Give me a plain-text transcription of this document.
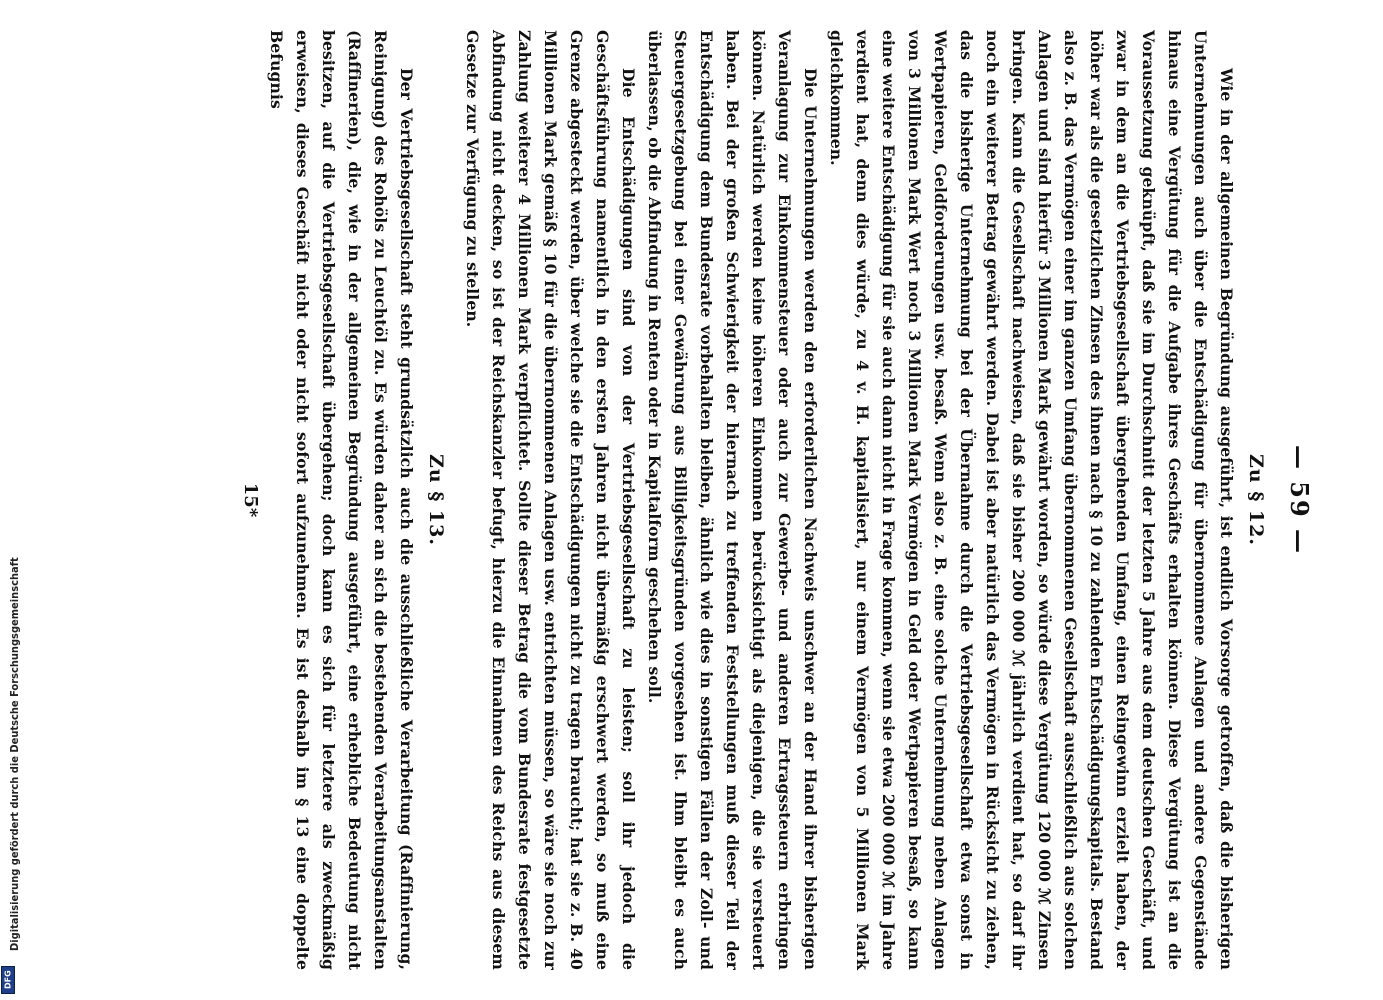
Digitalisierung gefördert durch die Deutsche Forschungsgemeinschaft
DFG
— 59 —
Zu § 12.

Wie in der allgemeinen Begründung ausgeführt, ist endlich Vorsorge getroffen, daß die bisherigen Unternehmungen auch über die Entschädigung für übernommene Anlagen und andere Gegenstände hinaus eine Vergütung für die Aufgabe ihres Geschäfts erhalten können. Diese Vergütung ist an die Voraussetzung geknüpft, daß sie im Durchschnitt der letzten 5 Jahre aus dem deutschen Geschäft, und zwar in dem an die Vertriebsgesellschaft übergehenden Umfang, einen Reingewinn erzielt haben, der höher war als die gesetzlichen Zinsen des ihnen nach § 10 zu zahlenden Entschädigungskapitals. Bestand also z. B. das Vermögen einer im ganzen Umfang übernommenen Gesellschaft ausschließlich aus solchen Anlagen und sind hierfür 3 Millionen Mark gewährt worden, so würde diese Vergütung 120 000 ℳ Zinsen bringen. Kann die Gesellschaft nachweisen, daß sie bisher 200 000 ℳ jährlich verdient hat, so darf ihr noch ein weiterer Betrag gewährt werden. Dabei ist aber natürlich das Vermögen in Rücksicht zu ziehen, das die bisherige Unternehmung bei der Übernahme durch die Vertriebsgesellschaft etwa sonst in Wertpapieren, Geldforderungen usw. besaß. Wenn also z. B. eine solche Unternehmung neben Anlagen von 3 Millionen Mark Wert noch 3 Millionen Mark Vermögen in Geld oder Wertpapieren besaß, so kann eine weitere Entschädigung für sie auch dann nicht in Frage kommen, wenn sie etwa 200 000 ℳ im Jahre verdient hat, denn dies würde, zu 4 v. H. kapitalisiert, nur einem Vermögen von 5 Millionen Mark gleichkommen.

Die Unternehmungen werden den erforderlichen Nachweis unschwer an der Hand ihrer bisherigen Veranlagung zur Einkommensteuer oder auch zur Gewerbe- und anderen Ertragssteuern erbringen können. Natürlich werden keine höheren Einkommen berücksichtigt als diejenigen, die sie versteuert haben. Bei der großen Schwierigkeit der hiernach zu treffenden Feststellungen muß dieser Teil der Entschädigung dem Bundesrate vorbehalten bleiben, ähnlich wie dies in sonstigen Fällen der Zoll- und Steuergesetzgebung bei einer Gewährung aus Billigkeitsgründen vorgesehen ist. Ihm bleibt es auch überlassen, ob die Abfindung in Renten oder in Kapitalform geschehen soll.

Die Entschädigungen sind von der Vertriebsgesellschaft zu leisten; soll ihr jedoch die Geschäftsführung namentlich in den ersten Jahren nicht übermäßig erschwert werden, so muß eine Grenze abgesteckt werden, über welche sie die Entschädigungen nicht zu tragen braucht; hat sie z. B. 40 Millionen Mark gemäß § 10 für die übernommenen Anlagen usw. entrichten müssen, so wäre sie noch zur Zahlung weiterer 4 Millionen Mark verpflichtet. Sollte dieser Betrag die vom Bundesrate festgesetzte Abfindung nicht decken, so ist der Reichskanzler befugt, hierzu die Einnahmen des Reichs aus diesem Gesetze zur Verfügung zu stellen.

Zu § 13.

Der Vertriebsgesellschaft steht grundsätzlich auch die ausschließliche Verarbeitung (Raffinierung, Reinigung) des Rohöls zu Leuchtöl zu. Es würden daher an sich die bestehenden Verarbeitungsanstalten (Raffinerien), die, wie in der allgemeinen Begründung ausgeführt, eine erhebliche Bedeutung nicht besitzen, auf die Vertriebsgesellschaft übergehen; doch kann es sich für letztere als zweckmäßig erweisen, dieses Geschäft nicht oder nicht sofort aufzunehmen. Es ist deshalb im § 13 eine doppelte Befugnis

15*
